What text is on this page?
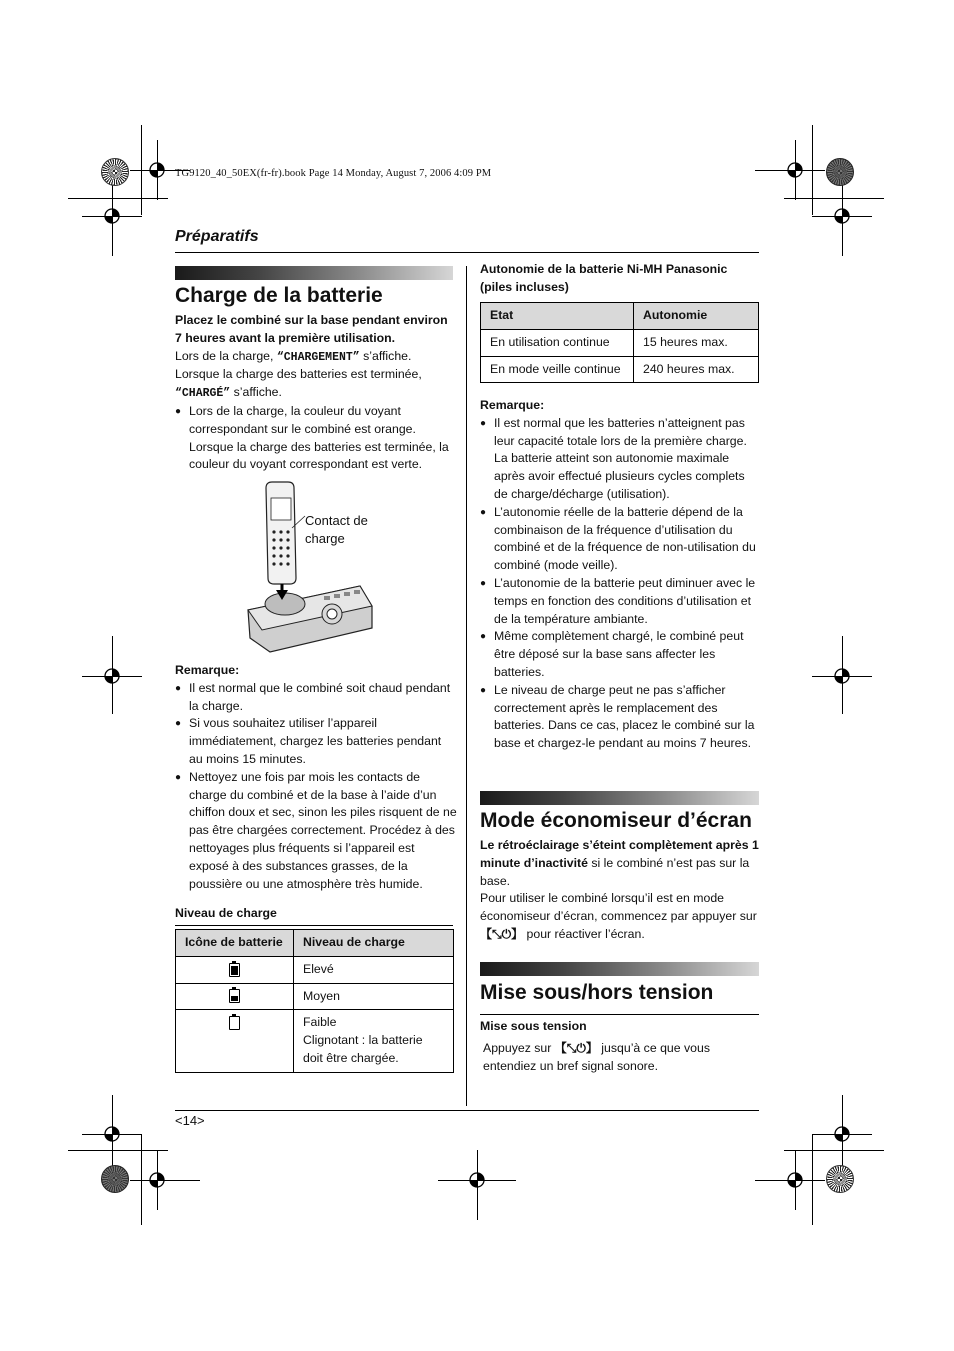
TG9120_40_50EX(fr-fr).book Page 14 Monday, August 7, 2006 4:09 PM
Préparatifs
Charge de la batterie
Placez le combiné sur la base pendant environ 7 heures avant la première utilisation.
Lors de la charge, “CHARGEMENT” s’affiche.
Lorsque la charge des batteries est terminée, “CHARGÉ” s’affiche.
● Lors de la charge, la couleur du voyant correspondant sur le combiné est orange. Lorsque la charge des batteries est terminée, la couleur du voyant correspondant est verte.
Contact de charge
Remarque:
● Il est normal que le combiné soit chaud pendant la charge.
● Si vous souhaitez utiliser l’appareil immédiatement, chargez les batteries pendant au moins 15 minutes.
● Nettoyez une fois par mois les contacts de charge du combiné et de la base à l’aide d’un chiffon doux et sec, sinon les piles risquent de ne pas être chargées correctement. Procédez à des nettoyages plus fréquents si l’appareil est exposé à des substances grasses, de la poussière ou une atmosphère très humide.
Niveau de charge
Icône de batterie	Niveau de charge

	Elevé

	Moyen

	Faible
Clignotant : la batterie doit être chargée.
Autonomie de la batterie Ni-MH Panasonic (piles incluses)
Etat	Autonomie
En utilisation continue	15 heures max.
En mode veille continue	240 heures max.
Remarque:
● Il est normal que les batteries n’atteignent pas leur capacité totale lors de la première charge. La batterie atteint son autonomie maximale après avoir effectué plusieurs cycles complets de charge/décharge (utilisation).
● L’autonomie réelle de la batterie dépend de la combinaison de la fréquence d’utilisation du combiné et de la fréquence de non-utilisation du combiné (mode veille).
● L’autonomie de la batterie peut diminuer avec le temps en fonction des conditions d’utilisation et de la température ambiante.
● Même complètement chargé, le combiné peut être déposé sur la base sans affecter les batteries.
● Le niveau de charge peut ne pas s’afficher correctement après le remplacement des batteries. Dans ce cas, placez le combiné sur la base et chargez-le pendant au moins 7 heures.
Mode économiseur d’écran
Le rétroéclairage s’éteint complètement après 1 minute d’inactivité si le combiné n’est pas sur la base.
Pour utiliser le combiné lorsqu’il est en mode économiseur d’écran, commencez par appuyer sur 【⤡⏻】 pour réactiver l’écran.
Mise sous/hors tension
Mise sous tension
Appuyez sur 【⤡⏻】 jusqu’à ce que vous entendiez un bref signal sonore.
<14>
